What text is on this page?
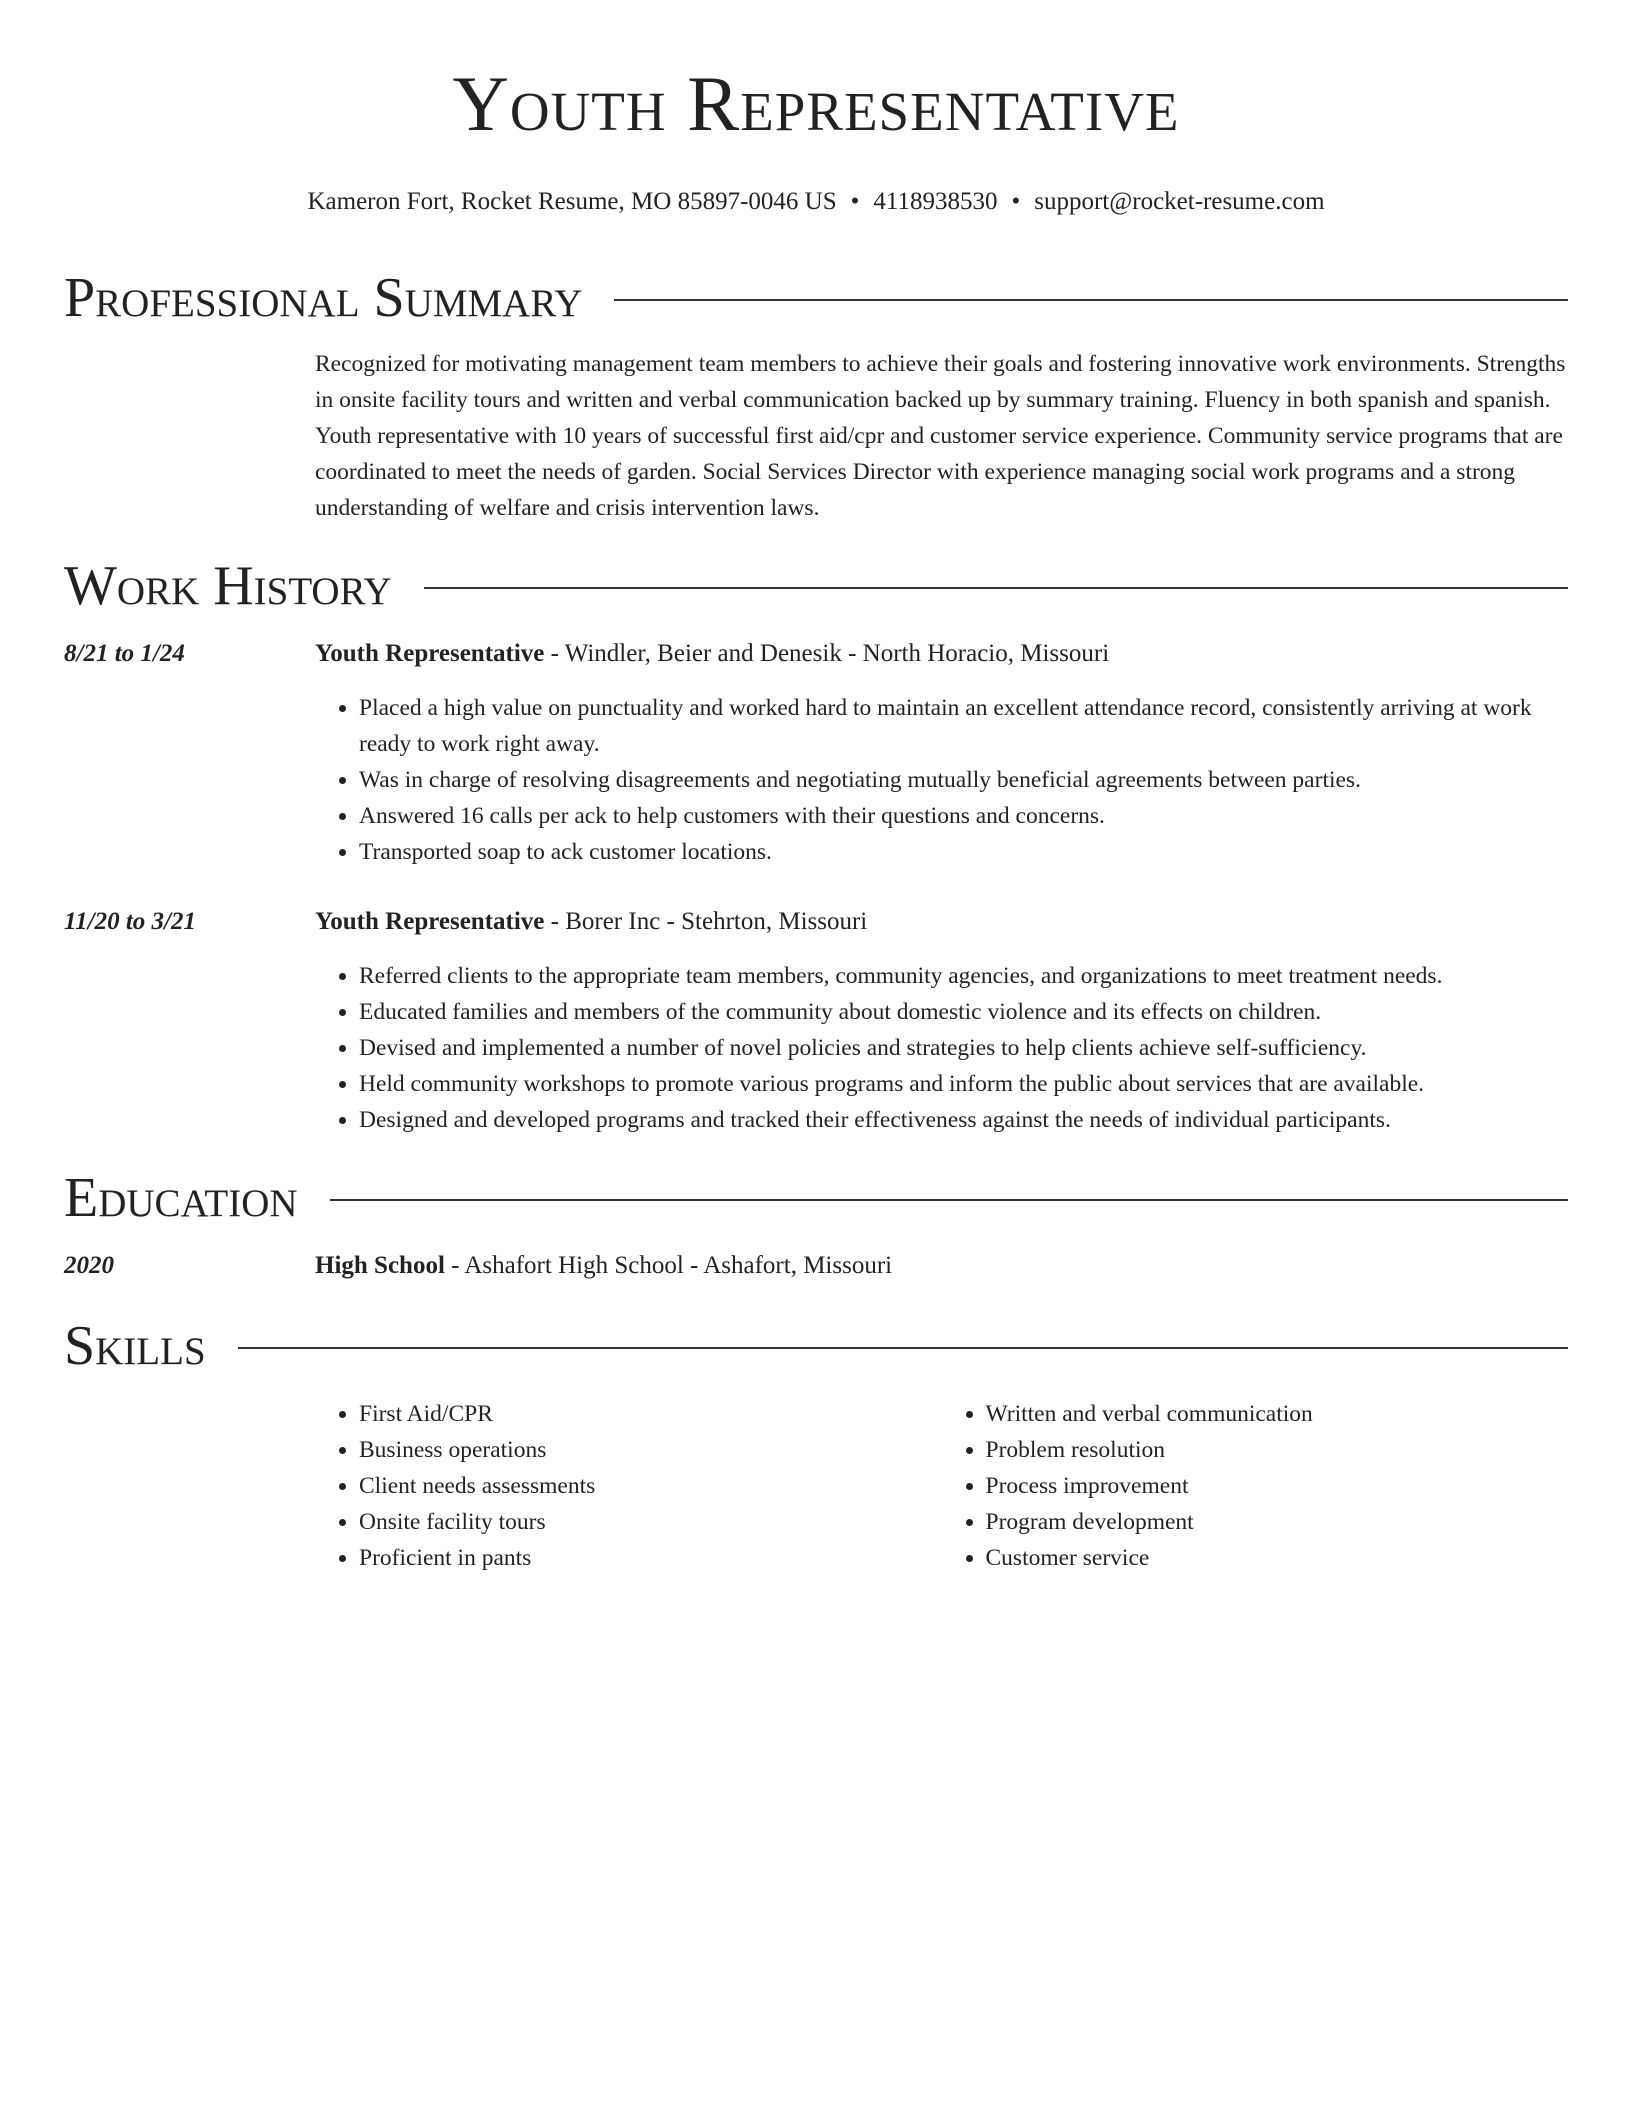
Youth Representative
Kameron Fort, Rocket Resume, MO 85897-0046 US • 4118938530 • support@rocket-resume.com
Professional Summary
Recognized for motivating management team members to achieve their goals and fostering innovative work environments. Strengths in onsite facility tours and written and verbal communication backed up by summary training. Fluency in both spanish and spanish. Youth representative with 10 years of successful first aid/cpr and customer service experience. Community service programs that are coordinated to meet the needs of garden. Social Services Director with experience managing social work programs and a strong understanding of welfare and crisis intervention laws.
Work History
8/21 to 1/24	Youth Representative - Windler, Beier and Denesik - North Horacio, Missouri
• Placed a high value on punctuality and worked hard to maintain an excellent attendance record, consistently arriving at work ready to work right away.
• Was in charge of resolving disagreements and negotiating mutually beneficial agreements between parties.
• Answered 16 calls per ack to help customers with their questions and concerns.
• Transported soap to ack customer locations.
11/20 to 3/21	Youth Representative - Borer Inc - Stehrton, Missouri
• Referred clients to the appropriate team members, community agencies, and organizations to meet treatment needs.
• Educated families and members of the community about domestic violence and its effects on children.
• Devised and implemented a number of novel policies and strategies to help clients achieve self-sufficiency.
• Held community workshops to promote various programs and inform the public about services that are available.
• Designed and developed programs and tracked their effectiveness against the needs of individual participants.
Education
2020	High School - Ashafort High School - Ashafort, Missouri
Skills
• First Aid/CPR
• Business operations
• Client needs assessments
• Onsite facility tours
• Proficient in pants
• Written and verbal communication
• Problem resolution
• Process improvement
• Program development
• Customer service
